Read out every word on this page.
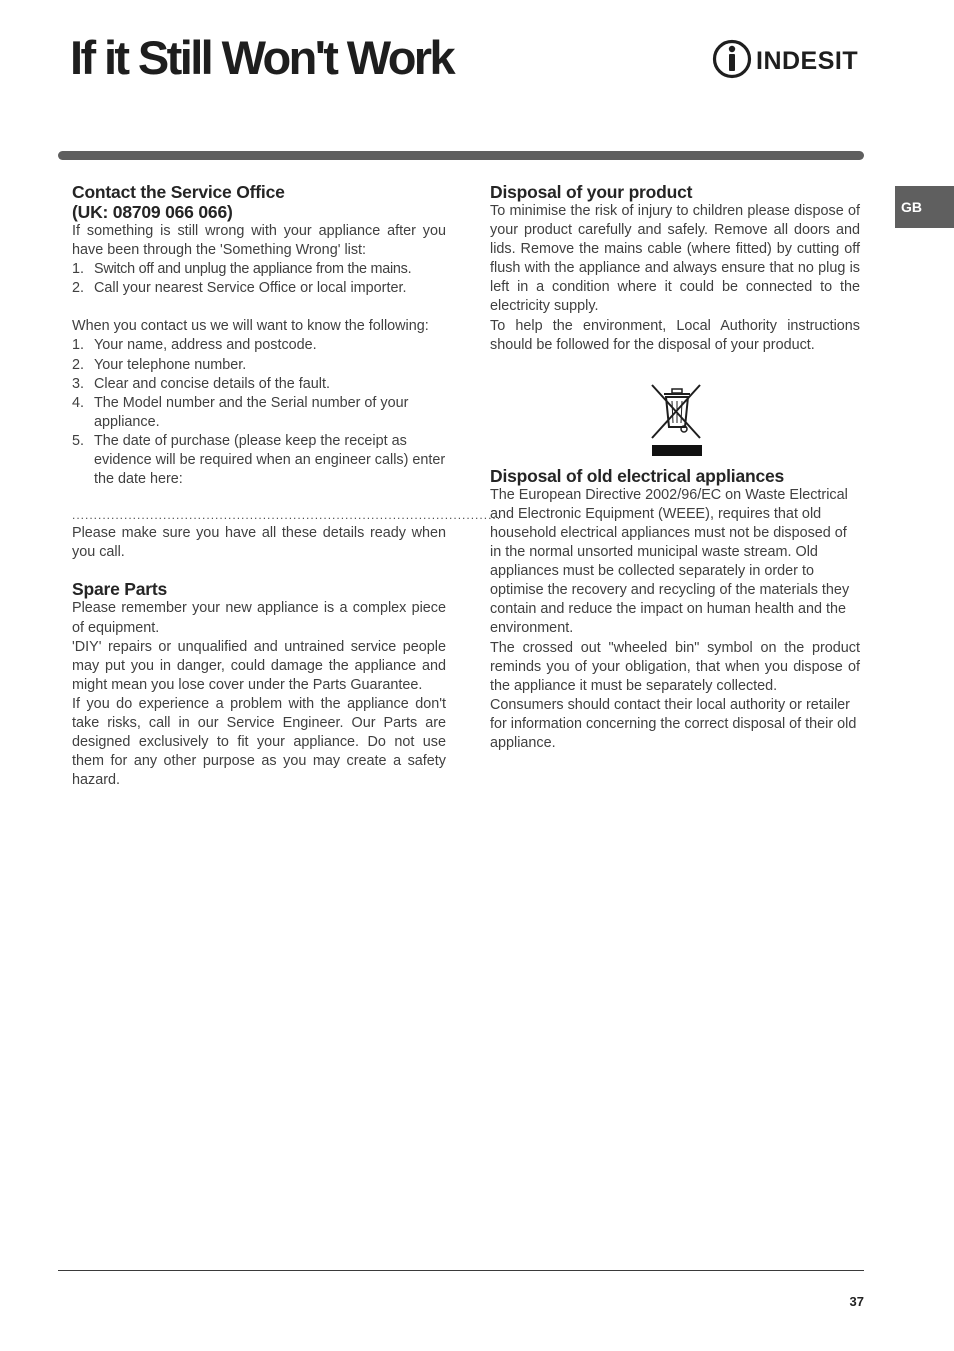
If it Still Won't Work	INDESIT
GB
Contact the Service Office
(UK: 08709 066 066)

If something is still wrong with your appliance after you have been through the 'Something Wrong' list:

1. Switch off and unplug the appliance from the mains.
2. Call your nearest Service Office or local importer.

When you contact us we will want to know the following:

1. Your name, address and postcode.
2. Your telephone number.
3. Clear and concise details of the fault.
4. The Model number and the Serial number of your appliance.
5. The date of purchase (please keep the receipt as evidence will be required when an engineer calls) enter the date here:
...................................................................................................

Please make sure you have all these details ready when you call.

Spare Parts

Please remember your new appliance is a complex piece of equipment.

'DIY' repairs or unqualified and untrained service people may put you in danger, could damage the appliance and might mean you lose cover under the Parts Guarantee.

If you do experience a problem with the appliance don't take risks, call in our Service Engineer. Our Parts are designed exclusively to fit your appliance. Do not use them for any other purpose as you may create a safety hazard.

Disposal of your product

To minimise the risk of injury to children please dispose of your product carefully and safely. Remove all doors and lids. Remove the mains cable (where fitted) by cutting off flush with the appliance and always ensure that no plug is left in a condition where it could be connected to the electricity supply.

To help the environment, Local Authority instructions should be followed for the disposal of your product.

Disposal of old electrical appliances

The European Directive 2002/96/EC on Waste Electrical and Electronic Equipment (WEEE), requires that old household electrical appliances must not be disposed of in the normal unsorted municipal waste stream. Old appliances must be collected separately in order to optimise the recovery and recycling of the materials they contain and reduce the impact on human health and the environment.

The crossed out "wheeled bin" symbol on the product reminds you of your obligation, that when you dispose of the appliance it must be separately collected.

Consumers should contact their local authority or retailer for information concerning the correct disposal of their old appliance.

37
